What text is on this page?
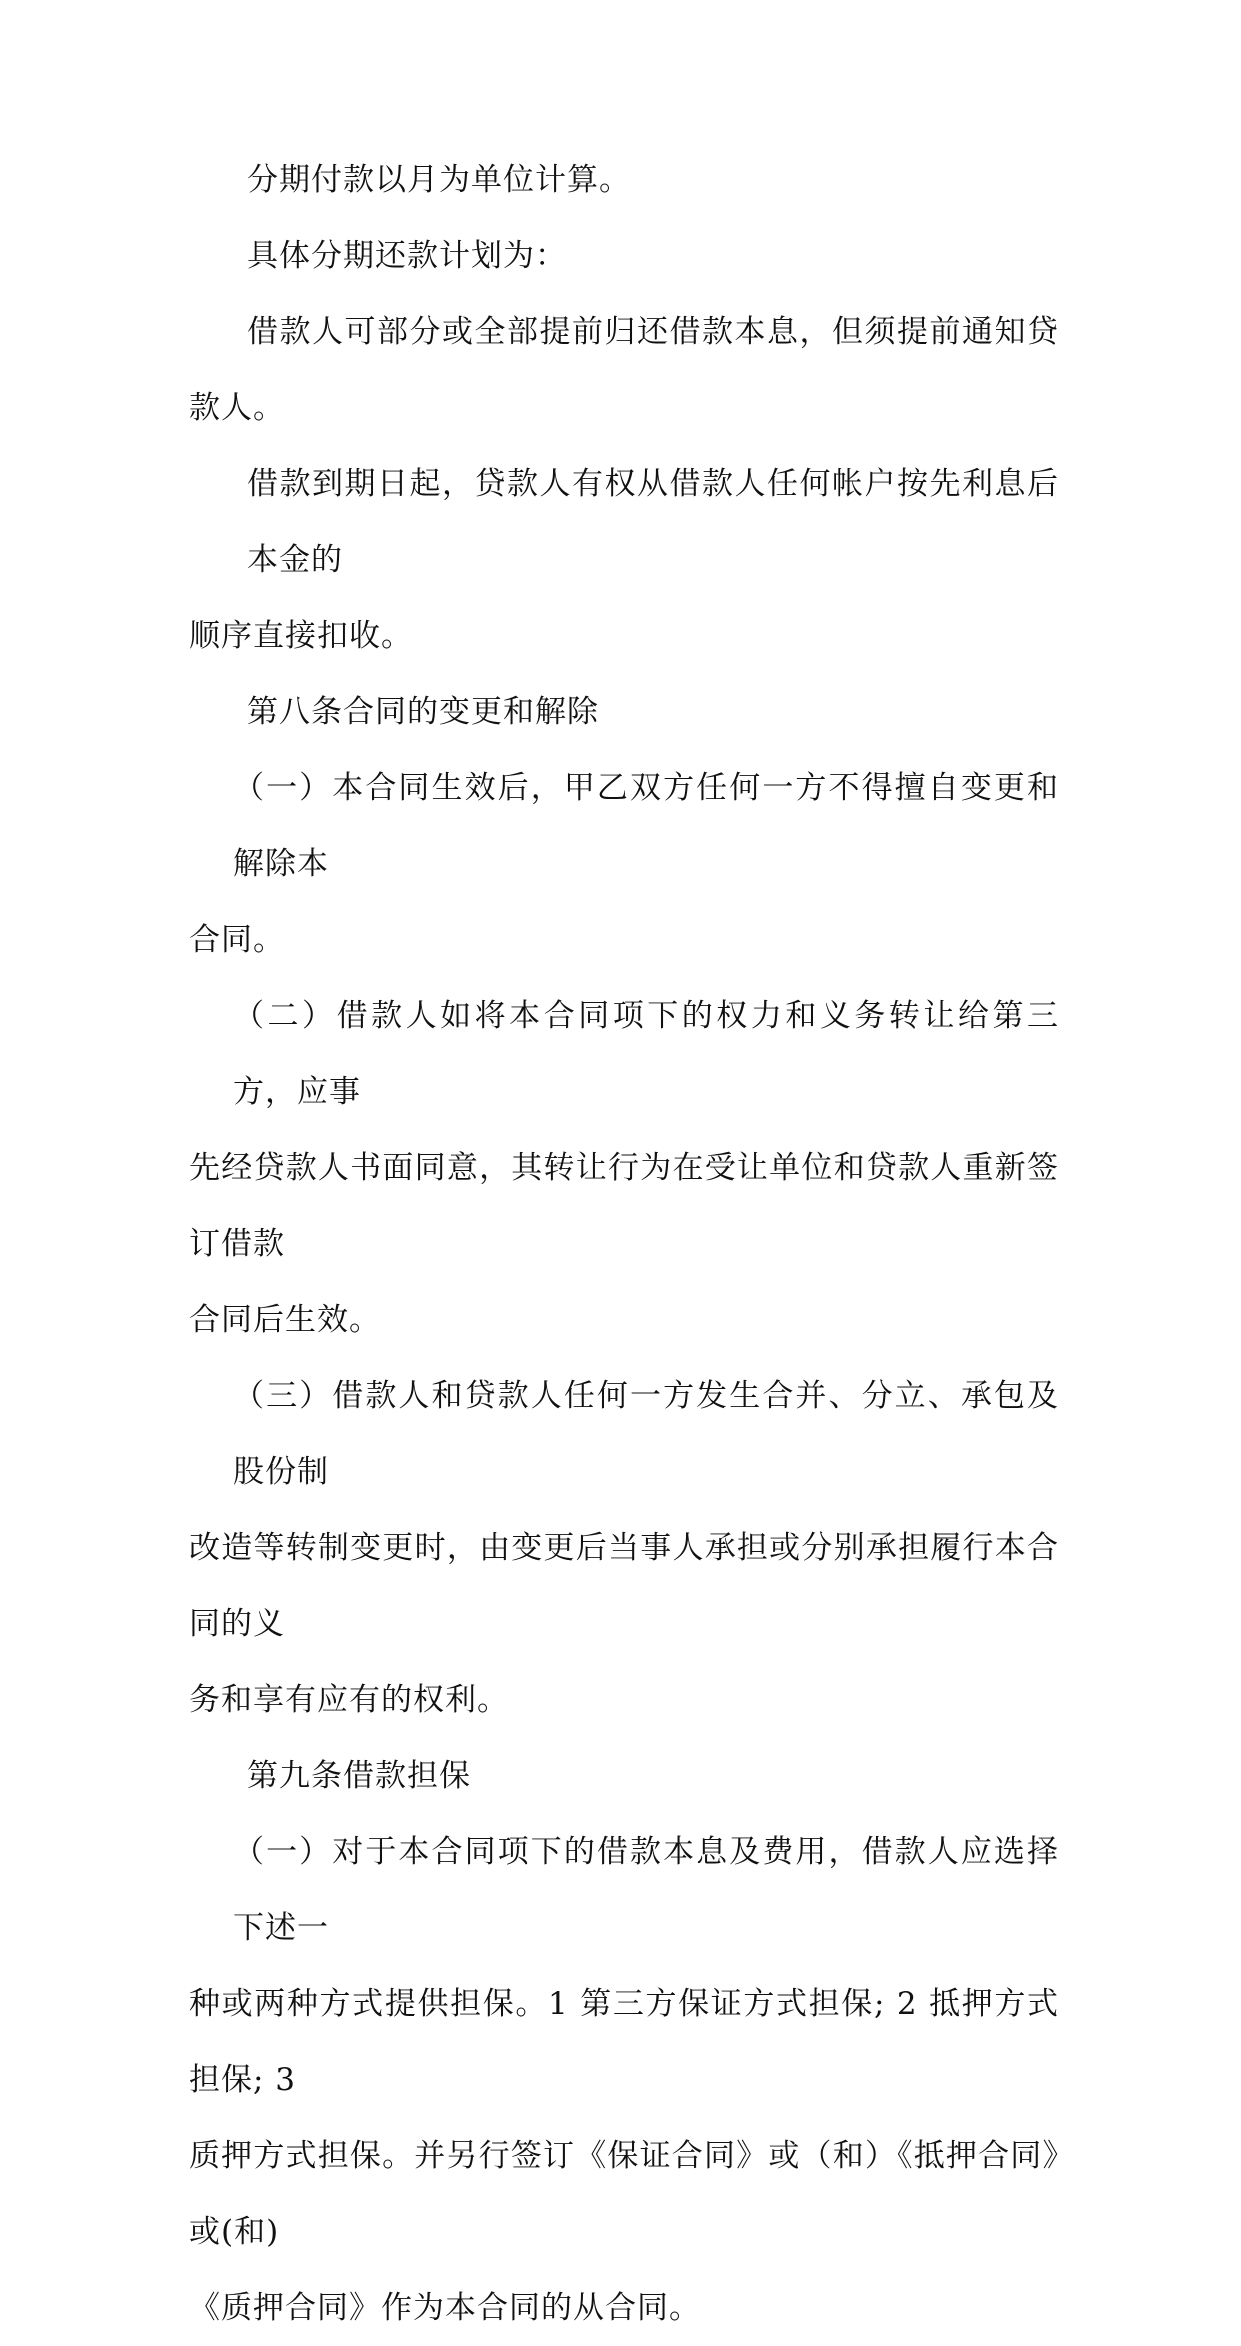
分期付款以月为单位计算。

具体分期还款计划为：

借款人可部分或全部提前归还借款本息，但须提前通知贷款人。

借款到期日起，贷款人有权从借款人任何帐户按先利息后本金的
顺序直接扣收。

第八条合同的变更和解除

（一）本合同生效后，甲乙双方任何一方不得擅自变更和解除本
合同。

（二）借款人如将本合同项下的权力和义务转让给第三方，应事
先经贷款人书面同意，其转让行为在受让单位和贷款人重新签订借款
合同后生效。

（三）借款人和贷款人任何一方发生合并、分立、承包及股份制
改造等转制变更时，由变更后当事人承担或分别承担履行本合同的义
务和享有应有的权利。

第九条借款担保

（一）对于本合同项下的借款本息及费用，借款人应选择下述一
种或两种方式提供担保。1 第三方保证方式担保; 2 抵押方式担保; 3
质押方式担保。并另行签订《保证合同》或（和）《抵押合同》或(和)
《质押合同》作为本合同的从合同。
